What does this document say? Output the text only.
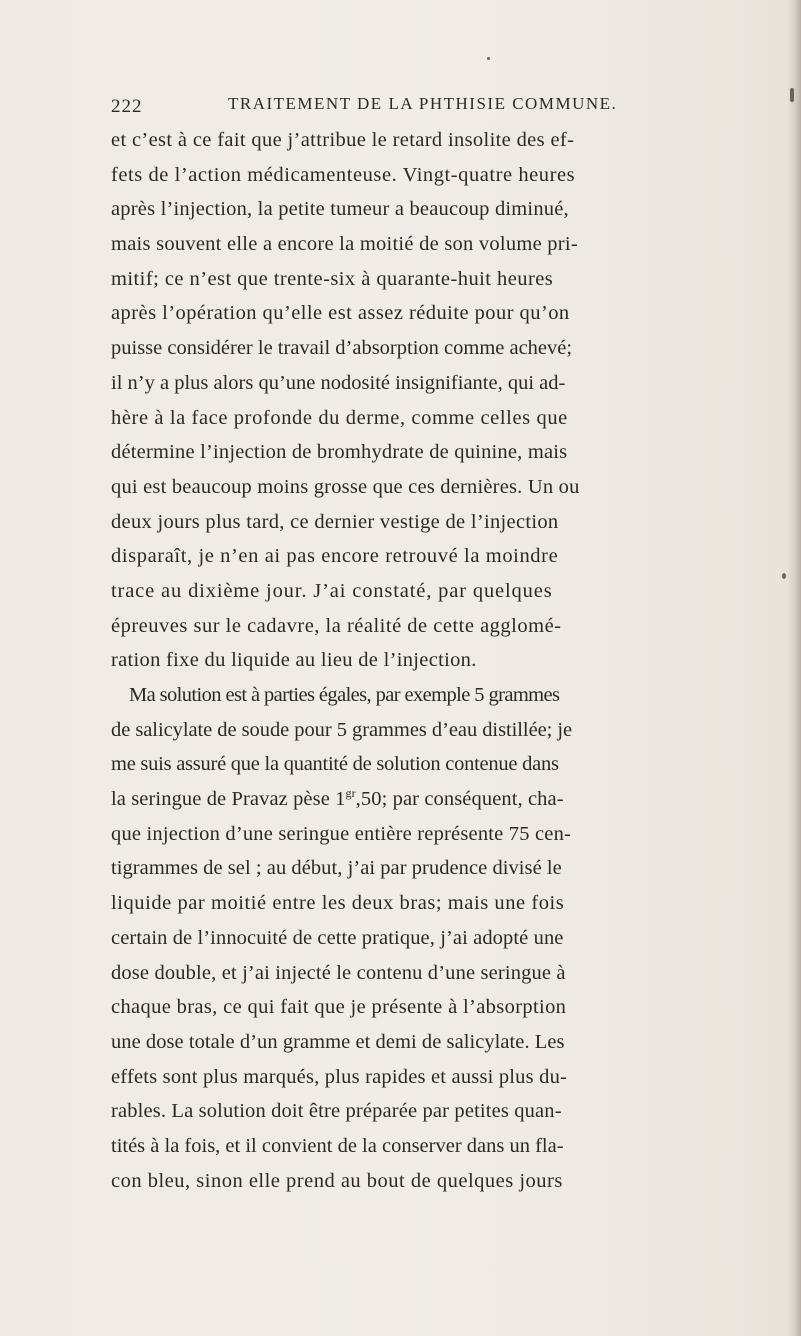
222	TRAITEMENT DE LA PHTHISIE COMMUNE.
et c’est à ce fait que j’attribue le retard insolite des ef-
fets de l’action médicamenteuse. Vingt-quatre heures
après l’injection, la petite tumeur a beaucoup diminué,
mais souvent elle a encore la moitié de son volume pri-
mitif; ce n’est que trente-six à quarante-huit heures
après l’opération qu’elle est assez réduite pour qu’on
puisse considérer le travail d’absorption comme achevé;
il n’y a plus alors qu’une nodosité insignifiante, qui ad-
hère à la face profonde du derme, comme celles que
détermine l’injection de bromhydrate de quinine, mais
qui est beaucoup moins grosse que ces dernières. Un ou
deux jours plus tard, ce dernier vestige de l’injection
disparaît, je n’en ai pas encore retrouvé la moindre
trace au dixième jour. J’ai constaté, par quelques
épreuves sur le cadavre, la réalité de cette agglomé-
ration fixe du liquide au lieu de l’injection.
Ma solution est à parties égales, par exemple 5 grammes
de salicylate de soude pour 5 grammes d’eau distillée; je
me suis assuré que la quantité de solution contenue dans
la seringue de Pravaz pèse $1^{gr},50$; par conséquent, cha-
que injection d’une seringue entière représente 75 cen-
tigrammes de sel ; au début, j’ai par prudence divisé le
liquide par moitié entre les deux bras; mais une fois
certain de l’innocuité de cette pratique, j’ai adopté une
dose double, et j’ai injecté le contenu d’une seringue à
chaque bras, ce qui fait que je présente à l’absorption
une dose totale d’un gramme et demi de salicylate. Les
effets sont plus marqués, plus rapides et aussi plus du-
rables. La solution doit être préparée par petites quan-
tités à la fois, et il convient de la conserver dans un fla-
con bleu, sinon elle prend au bout de quelques jours
